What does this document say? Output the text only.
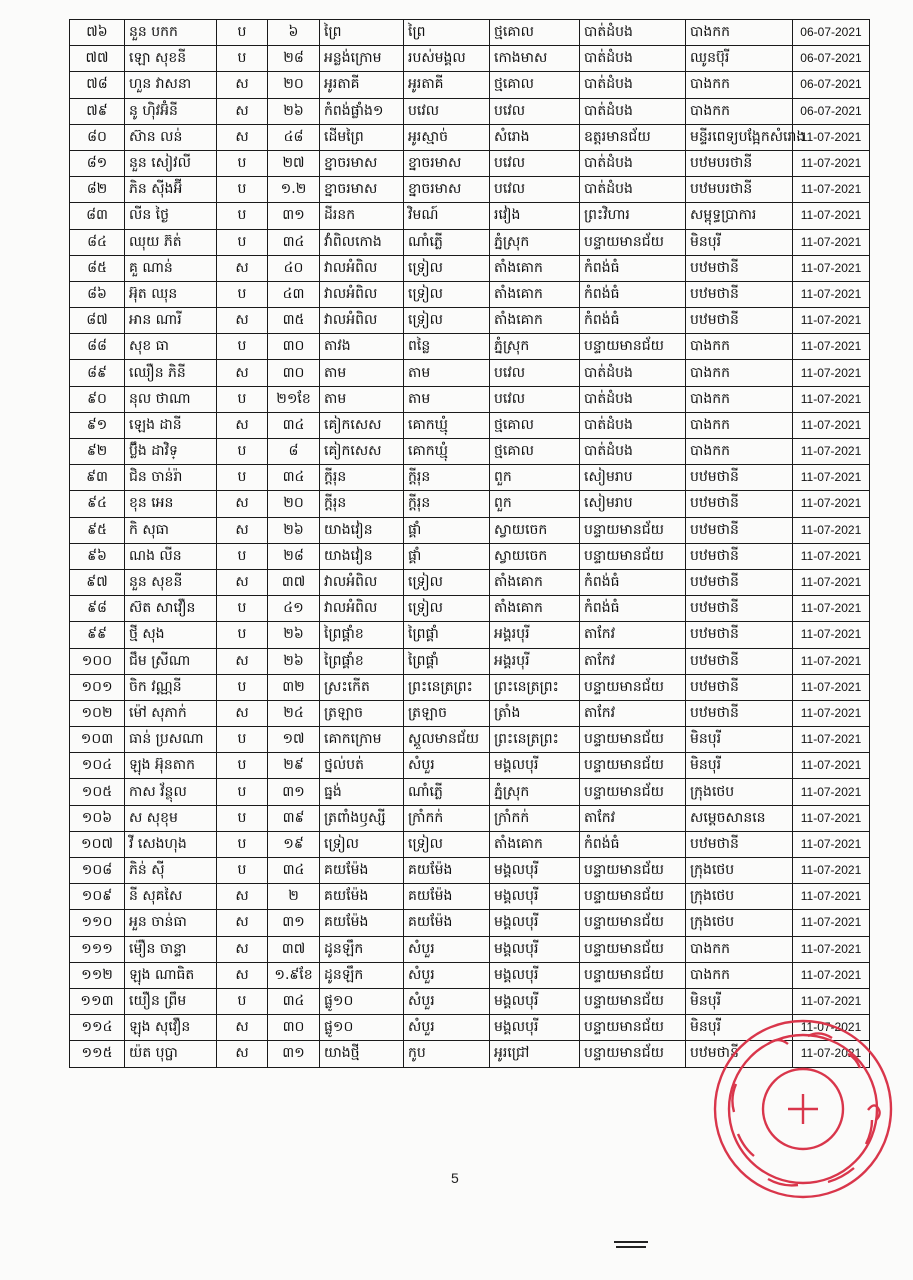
៧៦	នួន បកក	ប	៦	ព្រៃ	ព្រៃ	ថ្មគោល	បាត់ដំបង	បាងកក	06-07-2021
៧៧	ឡោ សុខនី	ប	២៨	អន្លង់ក្រោម	របស់មង្គល	កោងមាស	បាត់ដំបង	ឈូនប៊ុរី	06-07-2021
៧៨	ហួន វាសនា	ស	២០	អូរតាគី	អូរតាគី	ថ្មគោល	បាត់ដំបង	បាងកក	06-07-2021
៧៩	នូ ហ៊ិវអ៊ំនី	ស	២៦	កំពង់ផ្លាំង១	បវេល	បវេល	បាត់ដំបង	បាងកក	06-07-2021
៨០	ស៊ាន លន់	ស	៤៨	ដើមព្រៃ	អូរស្មាច់	សំរោង	ឧត្តរមានជ័យ	មន្ទីរពេទ្យបង្អែកសំរោង	11-07-2021
៨១	នួន សៀវលី	ប	២៧	ខ្នាចរមាស	ខ្នាចរមាស	បវេល	បាត់ដំបង	បឋមបរថានី	11-07-2021
៨២	ភិន ស៊ីងអ៊ី	ប	១.២	ខ្នាចរមាស	ខ្នាចរមាស	បវេល	បាត់ដំបង	បឋមបរថានី	11-07-2021
៨៣	លីន ថ្ងៃ	ប	៣១	ដីរនក	វិមណ៍	រវៀង	ព្រះវិហារ	សម្ពុទ្ធប្រាការ	11-07-2021
៨៤	ឈុយ ភ៊ត់	ប	៣៤	វាំពិលកោង	ណាំភ្លើ	ភ្នំស្រុក	បន្ទាយមានជ័យ	មិនបុរី	11-07-2021
៨៥	គួ ណាន់	ស	៤០	វាលអំពិល	ទ្រៀល	តាំងគោក	កំពង់ធំ	បឋមថានី	11-07-2021
៨៦	អ៊ុត ឈុន	ប	៤៣	វាលអំពិល	ទ្រៀល	តាំងគោក	កំពង់ធំ	បឋមថានី	11-07-2021
៨៧	អាន ណារី	ស	៣៥	វាលអំពិល	ទ្រៀល	តាំងគោក	កំពង់ធំ	បឋមថានី	11-07-2021
៨៨	សុខ ធា	ប	៣០	តាវង	ពន្លៃ	ភ្នំស្រុក	បន្ទាយមានជ័យ	បាងកក	11-07-2021
៨៩	ឈឿន ភិនី	ស	៣០	តាម	តាម	បវេល	បាត់ដំបង	បាងកក	11-07-2021
៩០	នុល ថាណា	ប	២១ខែ	តាម	តាម	បវេល	បាត់ដំបង	បាងកក	11-07-2021
៩១	ឡេង ដានី	ស	៣៤	គៀកសេស	គោកឃ្មុំ	ថ្មគោល	បាត់ដំបង	បាងកក	11-07-2021
៩២	ប៊្លឹង ដាវិទ្	ប	៨	គៀកសេស	គោកឃ្មុំ	ថ្មគោល	បាត់ដំបង	បាងកក	11-07-2021
៩៣	ជិន ចាន់រ៉ា	ប	៣៤	ក្តីរុន	ក្តីរុន	ពួក	សៀមរាប	បឋមថានី	11-07-2021
៩៤	ខុន អេន	ស	២០	ក្តីរុន	ក្តីរុន	ពួក	សៀមរាប	បឋមថានី	11-07-2021
៩៥	កិ សុធា	ស	២៦	យាងវៀន	ផ្គាំ	ស្វាយចេក	បន្ទាយមានជ័យ	បឋមថានី	11-07-2021
៩៦	ណង លីន	ប	២៨	យាងវៀន	ផ្គាំ	ស្វាយចេក	បន្ទាយមានជ័យ	បឋមថានី	11-07-2021
៩៧	នួន សុខនី	ស	៣៧	វាលអំពិល	ទ្រៀល	តាំងគោក	កំពង់ធំ	បឋមថានី	11-07-2021
៩៨	ស៊ត សាវឿន	ប	៤១	វាលអំពិល	ទ្រៀល	តាំងគោក	កំពង់ធំ	បឋមថានី	11-07-2021
៩៩	ថ្មី សុង	ប	២៦	ព្រៃផ្គាំខ	ព្រៃផ្គាំ	អង្គរបុរី	តាកែវ	បឋមថានី	11-07-2021
១០០	ជឹម ស្រីណា	ស	២៦	ព្រៃផ្គាំខ	ព្រៃផ្គាំ	អង្គរបុរី	តាកែវ	បឋមថានី	11-07-2021
១០១	ចិក វណ្ណនី	ប	៣២	ស្រះកើត	ព្រះនេត្រព្រះ	ព្រះនេត្រព្រះ	បន្ទាយមានជ័យ	បឋមថានី	11-07-2021
១០២	ម៉ៅ សុភាក់	ស	២៤	ត្រឡាច	ត្រឡាច	ត្រាំង	តាកែវ	បឋមថានី	11-07-2021
១០៣	ធាន់ ប្រសណា	ប	១៧	គោកក្រោម	ស្គួលមានជ័យ	ព្រះនេត្រព្រះ	បន្ទាយមានជ័យ	មិនបុរី	11-07-2021
១០៤	ឡុង អ៊ុនតាក	ប	២៩	ថ្នល់បត់	សំបួរ	មង្គលបុរី	បន្ទាយមានជ័យ	មិនបុរី	11-07-2021
១០៥	កាស វ័ន្ថុល	ប	៣១	ធ្នង់	ណាំភ្លើ	ភ្នំស្រុក	បន្ទាយមានជ័យ	ក្រុងថេប	11-07-2021
១០៦	ស សុខុម	ប	៣៩	ត្រពាំងឫស្សី	ក្រាំកក់	ក្រាំកក់	តាកែវ	សម្តេចសាននេ	11-07-2021
១០៧	វី សេងហុង	ប	១៩	ទ្រៀល	ទ្រៀល	តាំងគោក	កំពង់ធំ	បឋមថានី	11-07-2021
១០៨	ភិន់ ស៊ី	ប	៣៤	គយម៉ែង	គយម៉ែង	មង្គលបុរី	បន្ទាយមានជ័យ	ក្រុងថេប	11-07-2021
១០៩	នី សុគសៃ	ស	២	គយម៉ែង	គយម៉ែង	មង្គលបុរី	បន្ទាយមានជ័យ	ក្រុងថេប	11-07-2021
១១០	អួន ចាន់ធា	ស	៣១	គយម៉ែង	គយម៉ែង	មង្គលបុរី	បន្ទាយមានជ័យ	ក្រុងថេប	11-07-2021
១១១	ម៉ឿន ចាន្ទា	ស	៣៧	ដូនឡឹក	សំបួរ	មង្គលបុរី	បន្ទាយមានជ័យ	បាងកក	11-07-2021
១១២	ឡុង ណាធិត	ស	១.៩ខែ	ដូនឡឹក	សំបួរ	មង្គលបុរី	បន្ទាយមានជ័យ	បាងកក	11-07-2021
១១៣	យឿន ព្រឹម	ប	៣៤	ផ្លូ១០	សំបួរ	មង្គលបុរី	បន្ទាយមានជ័យ	មិនបុរី	11-07-2021
១១៤	ឡុង សុវឿន	ស	៣០	ផ្លូ១០	សំបួរ	មង្គលបុរី	បន្ទាយមានជ័យ	មិនបុរី	11-07-2021
១១៥	យ៉ត បុប្ផា	ស	៣១	យាងថ្មី	កូប	អូរជ្រៅ	បន្ទាយមានជ័យ	បឋមថានី	11-07-2021
5
